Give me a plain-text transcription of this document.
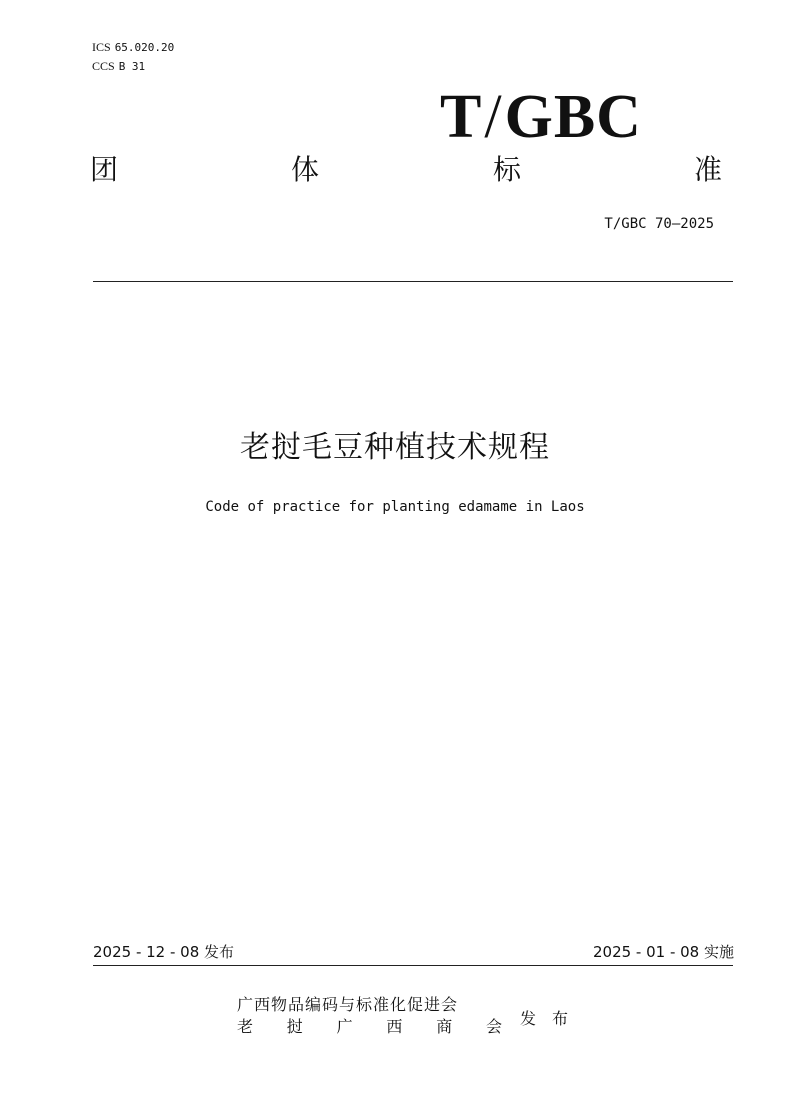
ICS 65.020.20
CCS B 31
T/GBC
团	体	标	准
T/GBC 70—2025
老挝毛豆种植技术规程
Code of practice for planting edamame in Laos
2025 - 12 - 08 发布	2025 - 01 - 08 实施
广西物品编码与标准化促进会
老 挝 广 西 商 会 发布
